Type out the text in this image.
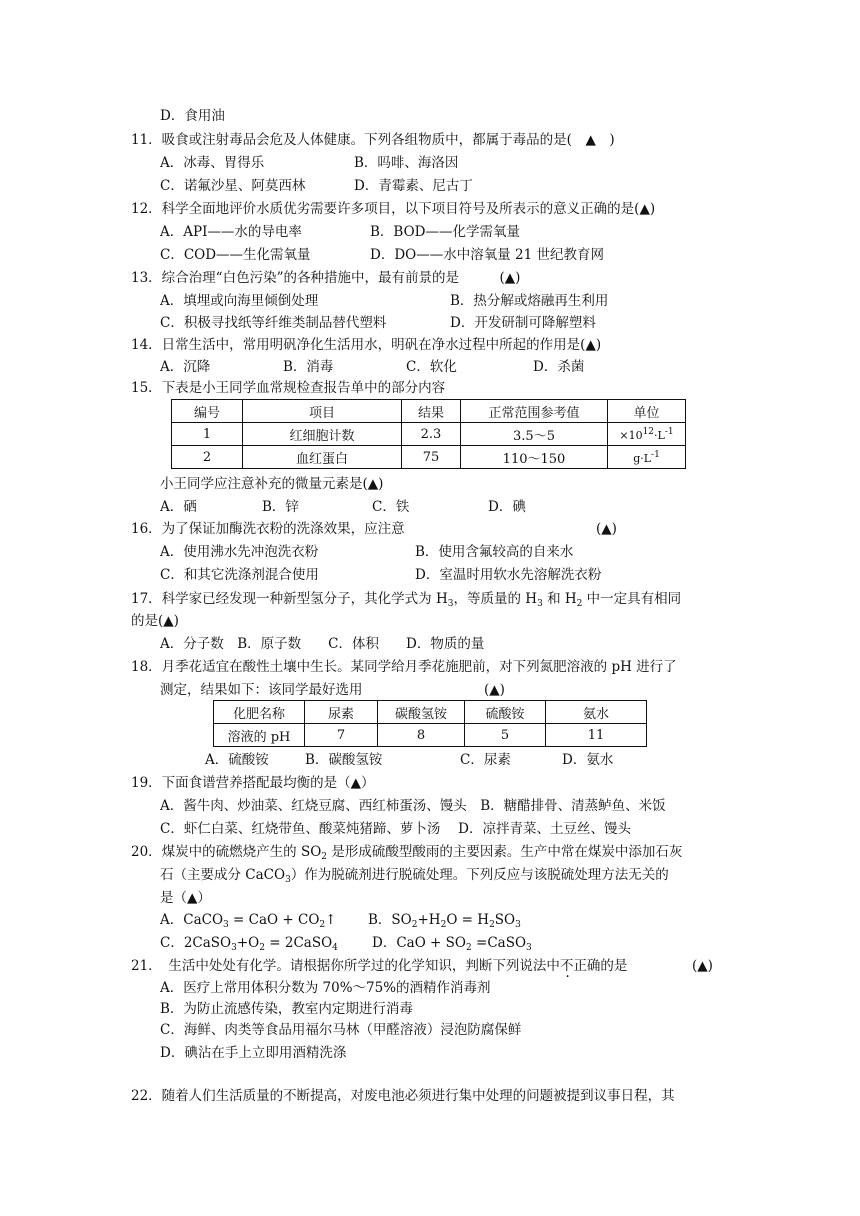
D．食用油
11．吸食或注射毒品会危及人体健康。下列各组物质中，都属于毒品的是(　▲　)
A．冰毒、胃得乐	B．吗啡、海洛因
C．诺氟沙星、阿莫西林	D．青霉素、尼古丁
12．科学全面地评价水质优劣需要许多项目，以下项目符号及所表示的意义正确的是(▲)
A．API——水的导电率	B．BOD——化学需氧量
C．COD——生化需氧量	D．DO——水中溶氧量 21 世纪教育网
13．综合治理“白色污染”的各种措施中，最有前景的是　　　(▲)
A．填埋或向海里倾倒处理	B．热分解或熔融再生利用
C．积极寻找纸等纤维类制品替代塑料	D．开发研制可降解塑料
14．日常生活中，常用明矾净化生活用水，明矾在净水过程中所起的作用是(▲)
A．沉降	B．消毒	C．软化	D．杀菌
15．下表是小王同学血常规检查报告单中的部分内容
编号	项目	结果	正常范围参考值	单位
1	红细胞计数	2.3	3.5～5	$\times 10^{12}\cdot L^{-1}$
2	血红蛋白	75	110～150	$g\cdot L^{-1}$
小王同学应注意补充的微量元素是(▲)
A．硒	B．锌	C．铁	D．碘
16．为了保证加酶洗衣粉的洗涤效果，应注意	(▲)
A．使用沸水先冲泡洗衣粉	B．使用含氟较高的自来水
C．和其它洗涤剂混合使用	D．室温时用软水先溶解洗衣粉
17．科学家已经发现一种新型氢分子，其化学式为 $H_3$，等质量的 $H_3$ 和 $H_2$ 中一定具有相同
的是(▲)
A．分子数　B．原子数　　C．体积　　D．物质的量
18．月季花适宜在酸性土壤中生长。某同学给月季花施肥前，对下列氮肥溶液的 pH 进行了
测定，结果如下：该同学最好选用	(▲)
化肥名称	尿素	碳酸氢铵	硫酸铵	氨水
溶液的 pH	7	8	5	11
A．硫酸铵	B．碳酸氢铵	C．尿素	D．氨水
19．下面食谱营养搭配最均衡的是（▲）
A．酱牛肉、炒油菜、红烧豆腐、西红柿蛋汤、馒头　B．糖醋排骨、清蒸鲈鱼、米饭
C．虾仁白菜、红烧带鱼、酸菜炖猪蹄、萝卜汤　 D．凉拌青菜、土豆丝、馒头
20．煤炭中的硫燃烧产生的 $SO_2$ 是形成硫酸型酸雨的主要因素。生产中常在煤炭中添加石灰
石（主要成分 CaCO$_3$）作为脱硫剂进行脱硫处理。下列反应与该脱硫处理方法无关的
是（▲）
A．CaCO$_3$ = CaO + $CO_2↑$ B．$SO_2+H_2O = H_2SO_3$
C．$2CaSO_3+O_2$ = 2CaSO$_4$	D．CaO + $SO_2$ =CaSO$_3$
21．　生活中处处有化学。请根据你所学过的化学知识，判断下列说法中不正确的是	(▲)
A．医疗上常用体积分数为 70%～75%的酒精作消毒剂
B．为防止流感传染，教室内定期进行消毒
C．海鲜、肉类等食品用福尔马林（甲醛溶液）浸泡防腐保鲜
D．碘沾在手上立即用酒精洗涤
22．随着人们生活质量的不断提高，对废电池必须进行集中处理的问题被提到议事日程，其
